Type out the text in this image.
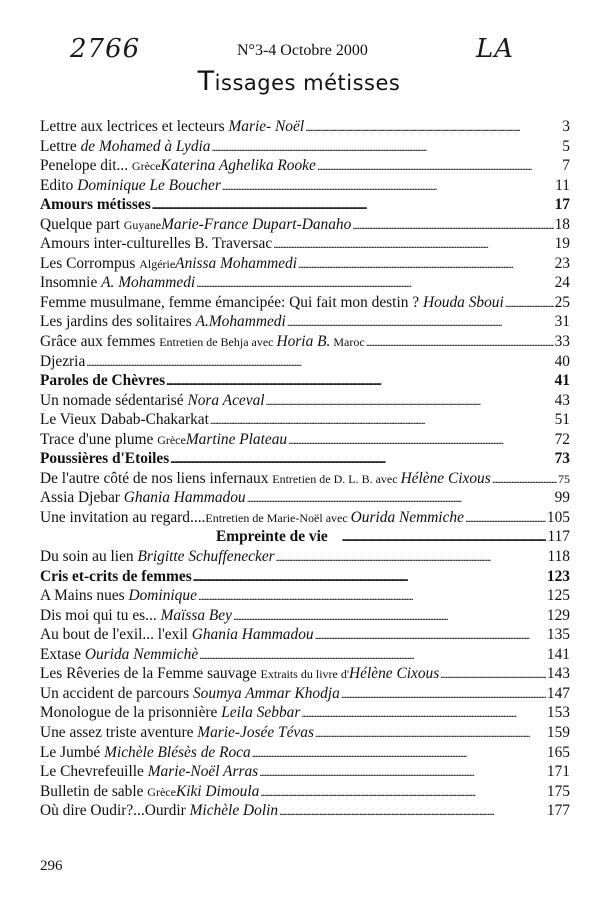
2766	LA
N°3-4 Octobre 2000
Tissages métisses
Lettre aux lectrices et lecteurs Marie- Noël . . .	3
Lettre de Mohamed à Lydia . . .	5
Penelope dit... GrèceKaterina Aghelika Rooke . . .	7
Edito Dominique Le Boucher . . .	11
Amours métisses . . .	17
Quelque part GuyaneMarie-France Dupart-Danaho . . .	18
Amours inter-culturelles B. Traversac . . .	19
Les Corrompus AlgérieAnissa Mohammedi . . .	23
Insomnie A. Mohammedi . . .	24
Femme musulmane, femme émancipée: Qui fait mon destin ? Houda Sboui . . .	25
Les jardins des solitaires A.Mohammedi . . .	31
Grâce aux femmes Entretien de Behja avec Horia B. Maroc . . .	33
Djezria . . .	40
Paroles de Chèvres . . .	41
Un nomade sédentarisé Nora Aceval . . .	43
Le Vieux Dabab-Chakarkat . . .	51
Trace d'une plume GrèceMartine Plateau . . .	72
Poussières d'Etoiles . . .	73
De l'autre côté de nos liens infernaux Entretien de D. L. B. avec Hélène Cixous . . .	75
Assia Djebar Ghania Hammadou . . .	99
Une invitation au regard....Entretien de Marie-Noël avec Ourida Nemmiche . . .	105
Empreinte de vie . . .	117
Du soin au lien Brigitte Schuffenecker . . .	118
Cris et-crits de femmes . . .	123
A Mains nues Dominique . . .	125
Dis moi qui tu es... Maïssa Bey . . .	129
Au bout de l'exil... l'exil Ghania Hammadou . . .	135
Extase Ourida Nemmichè . . .	141
Les Rêveries de la Femme sauvage Extraits du livre d'Hélène Cixous . . .	143
Un accident de parcours Soumya Ammar Khodja . . .	147
Monologue de la prisonnière Leila Sebbar . . .	153
Une assez triste aventure Marie-Josée Tévas . . .	159
Le Jumbé Michèle Blésès de Roca . . .	165
Le Chevrefeuille Marie-Noël Arras . . .	171
Bulletin de sable GrèceKiki Dimoula . . .	175
Où dire Oudir?...Ourdir Michèle Dolin . . .	177
296
